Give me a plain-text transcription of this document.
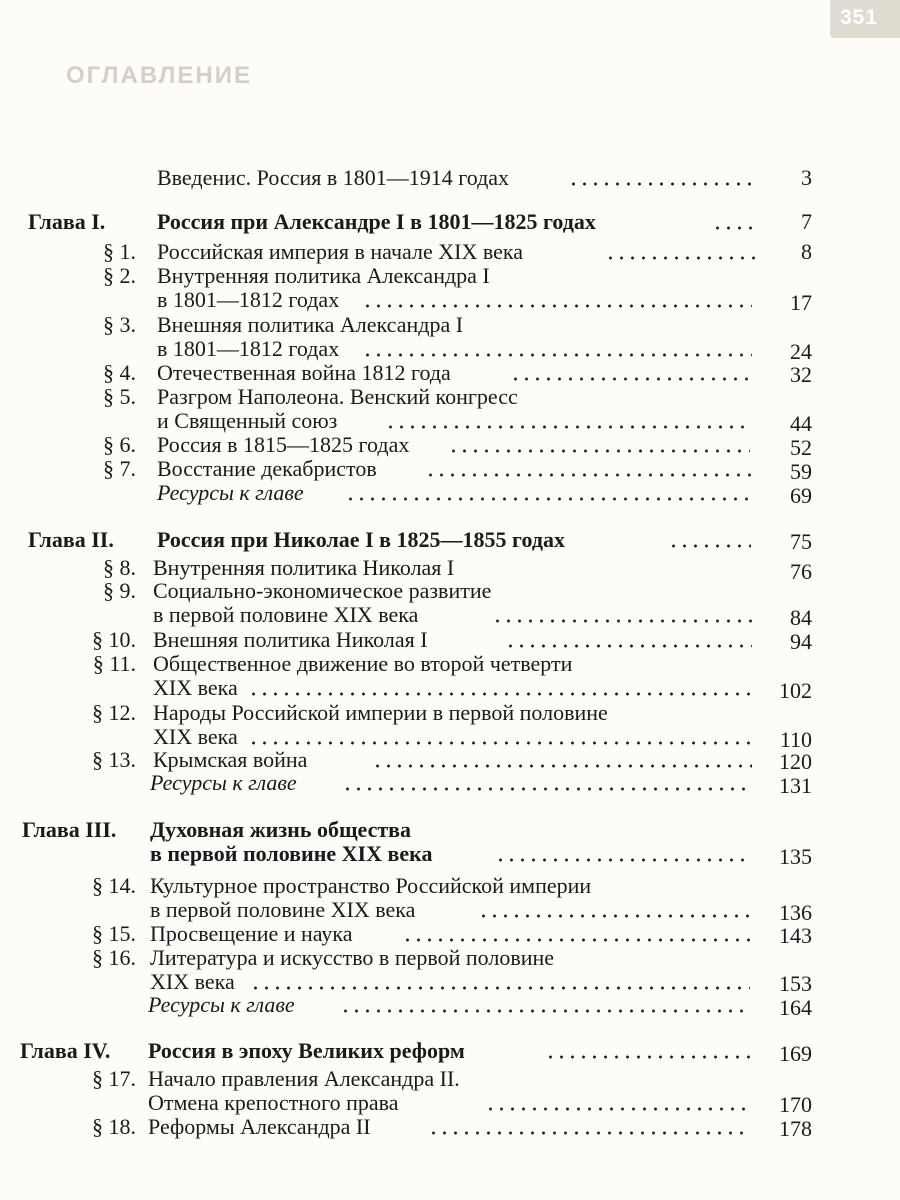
351
ОГЛАВЛЕНИЕ
Введенис. Россия в 1801—1914 годах	3
Глава I.	Россия при Александре I в 1801—1825 годах	7
§ 1. Российская империя в начале XIX века	8
§ 2. Внутренняя политика Александра I
в 1801—1812 годах	17
§ 3. Внешняя политика Александра I
в 1801—1812 годах	24
§ 4. Отечественная война 1812 года	32
§ 5. Разгром Наполеона. Венский конгресс
и Священный союз	44
§ 6. Россия в 1815—1825 годах	52
§ 7. Восстание декабристов	59
Ресурсы к главе	69
Глава II.	Россия при Николае I в 1825—1855 годах	75
§ 8. Внутренняя политика Николая I	76
§ 9. Социально-экономическое развитие
в первой половине XIX века	84
§ 10. Внешняя политика Николая I	94
§ 11. Общественное движение во второй четверти
XIX века	102
§ 12. Народы Российской империи в первой половине
XIX века	110
§ 13. Крымская война	120
Ресурсы к главе	131
Глава III.	Духовная жизнь общества
в первой половине XIX века	135
§ 14. Культурное пространство Российской империи
в первой половине XIX века	136
§ 15. Просвещение и наука	143
§ 16. Литература и искусство в первой половине
XIX века	153
Ресурсы к главе	164
Глава IV.	Россия в эпоху Великих реформ	169
§ 17. Начало правления Александра II.
Отмена крепостного права	170
§ 18. Реформы Александра II	178
